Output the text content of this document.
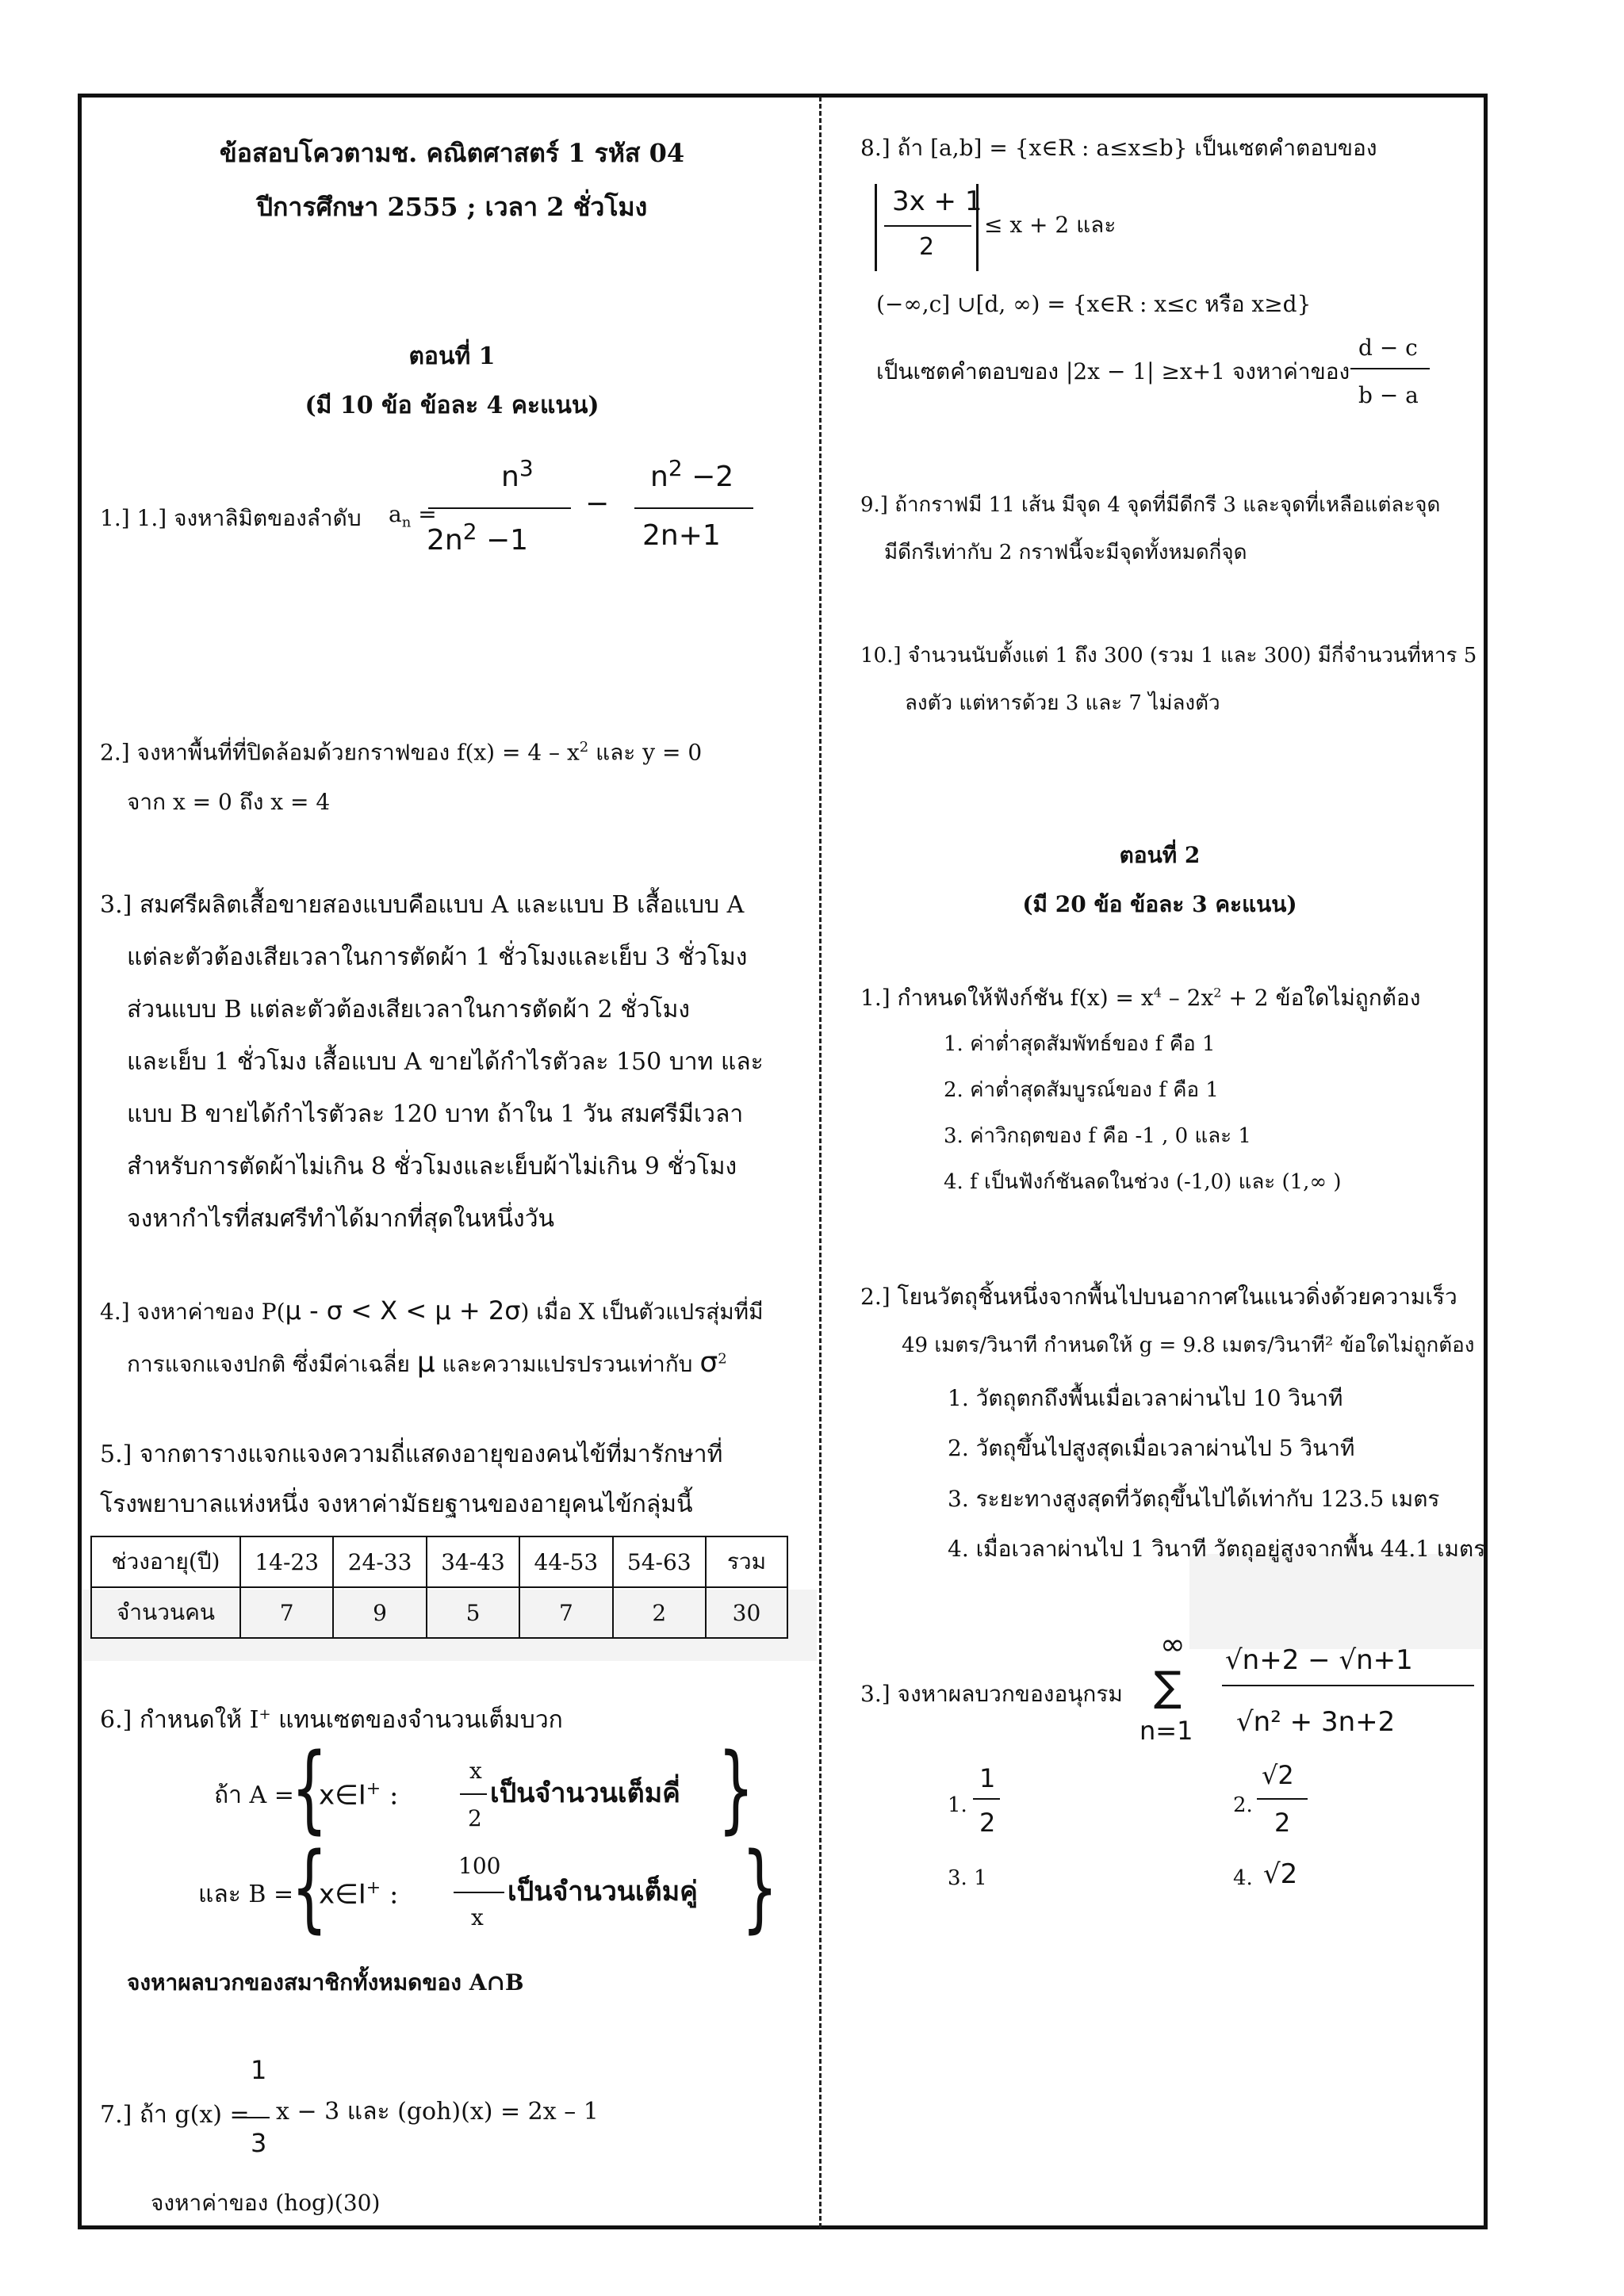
ข้อสอบโควตามช. คณิตศาสตร์ 1 รหัส 04
ปีการศึกษา 2555 ; เวลา 2 ชั่วโมง
ตอนที่ 1
(มี 10 ข้อ ข้อละ 4 คะแนน)
1.] 1.] จงหาลิมิตของลำดับ $a_n$ =
$n^3$
$2n^2 -1$
−
$n^2 -2$
2n+1
2.] จงหาพื้นที่ที่ปิดล้อมด้วยกราฟของ $f(x) = 4 - x^2$ และ y = 0
จาก x = 0 ถึง x = 4
3.] สมศรีผลิตเสื้อขายสองแบบคือแบบ A และแบบ B เสื้อแบบ A
แต่ละตัวต้องเสียเวลาในการตัดผ้า 1 ชั่วโมงและเย็บ 3 ชั่วโมง
ส่วนแบบ B แต่ละตัวต้องเสียเวลาในการตัดผ้า 2 ชั่วโมง
และเย็บ 1 ชั่วโมง เสื้อแบบ A ขายได้กำไรตัวละ 150 บาท และ
แบบ B ขายได้กำไรตัวละ 120 บาท ถ้าใน 1 วัน สมศรีมีเวลา
สำหรับการตัดผ้าไม่เกิน 8 ชั่วโมงและเย็บผ้าไม่เกิน 9 ชั่วโมง
จงหากำไรที่สมศรีทำได้มากที่สุดในหนึ่งวัน
4.] จงหาค่าของ P(μ - σ < X < μ + 2σ) เมื่อ X เป็นตัวแปรสุ่มที่มี
การแจกแจงปกติ ซึ่งมีค่าเฉลี่ย μ และความแปรปรวนเท่ากับ $\sigma^2$
5.] จากตารางแจกแจงความถี่แสดงอายุของคนไข้ที่มารักษาที่
โรงพยาบาลแห่งหนึ่ง จงหาค่ามัธยฐานของอายุคนไข้กลุ่มนี้
ช่วงอายุ(ปี)	14-23	24-33	34-43	44-53	54-63	รวม
จำนวนคน	7	9	5	7	2	30
6.] กำหนดให้ I+ แทนเซตของจำนวนเต็มบวก
ถ้า A =
{
x∈I+ :
x
2
เป็นจำนวนเต็มคี่ }
และ B =
{
x∈I+ :
100
x
เป็นจำนวนเต็มคู่ }
จงหาผลบวกของสมาชิกทั้งหมดของ A∩B
1
7.] ถ้า g(x) =
3
x − 3 และ (goh)(x) = 2x – 1
จงหาค่าของ (hog)(30)
8.] ถ้า [a,b] = {x∈R : a≤x≤b} เป็นเซตคำตอบของ
3x + 1
2
≤ x + 2 และ
(−∞,c] ∪[d, ∞) = {x∈R : x≤c หรือ x≥d}
เป็นเซตคำตอบของ |2x − 1| ≥x+1 จงหาค่าของ
d − c
b − a
9.] ถ้ากราฟมี 11 เส้น มีจุด 4 จุดที่มีดีกรี 3 และจุดที่เหลือแต่ละจุด
มีดีกรีเท่ากับ 2 กราฟนี้จะมีจุดทั้งหมดกี่จุด
10.] จำนวนนับตั้งแต่ 1 ถึง 300 (รวม 1 และ 300) มีกี่จำนวนที่หาร 5
ลงตัว แต่หารด้วย 3 และ 7 ไม่ลงตัว
ตอนที่ 2
(มี 20 ข้อ ข้อละ 3 คะแนน)
1.] กำหนดให้ฟังก์ชัน $f(x) = x^4 - 2x^2 + 2$ ข้อใดไม่ถูกต้อง
1. ค่าต่ำสุดสัมพัทธ์ของ f คือ 1
2. ค่าต่ำสุดสัมบูรณ์ของ f คือ 1
3. ค่าวิกฤตของ f คือ -1 , 0 และ 1
4. f เป็นฟังก์ชันลดในช่วง (-1,0) และ (1,∞ )
2.] โยนวัตถุชิ้นหนึ่งจากพื้นไปบนอากาศในแนวดิ่งด้วยความเร็ว
49 เมตร/วินาที กำหนดให้ g = 9.8 เมตร/วินาที² ข้อใดไม่ถูกต้อง
1. วัตถุตกถึงพื้นเมื่อเวลาผ่านไป 10 วินาที
2. วัตถุขึ้นไปสูงสุดเมื่อเวลาผ่านไป 5 วินาที
3. ระยะทางสูงสุดที่วัตถุขึ้นไปได้เท่ากับ 123.5 เมตร
4. เมื่อเวลาผ่านไป 1 วินาที วัตถุอยู่สูงจากพื้น 44.1 เมตร
3.] จงหาผลบวกของอนุกรม
∞
∑
n=1
√n+2 − √n+1
√n² + 3n+2
1.
1
2
2.
√2
2
3. 1	4. √2
